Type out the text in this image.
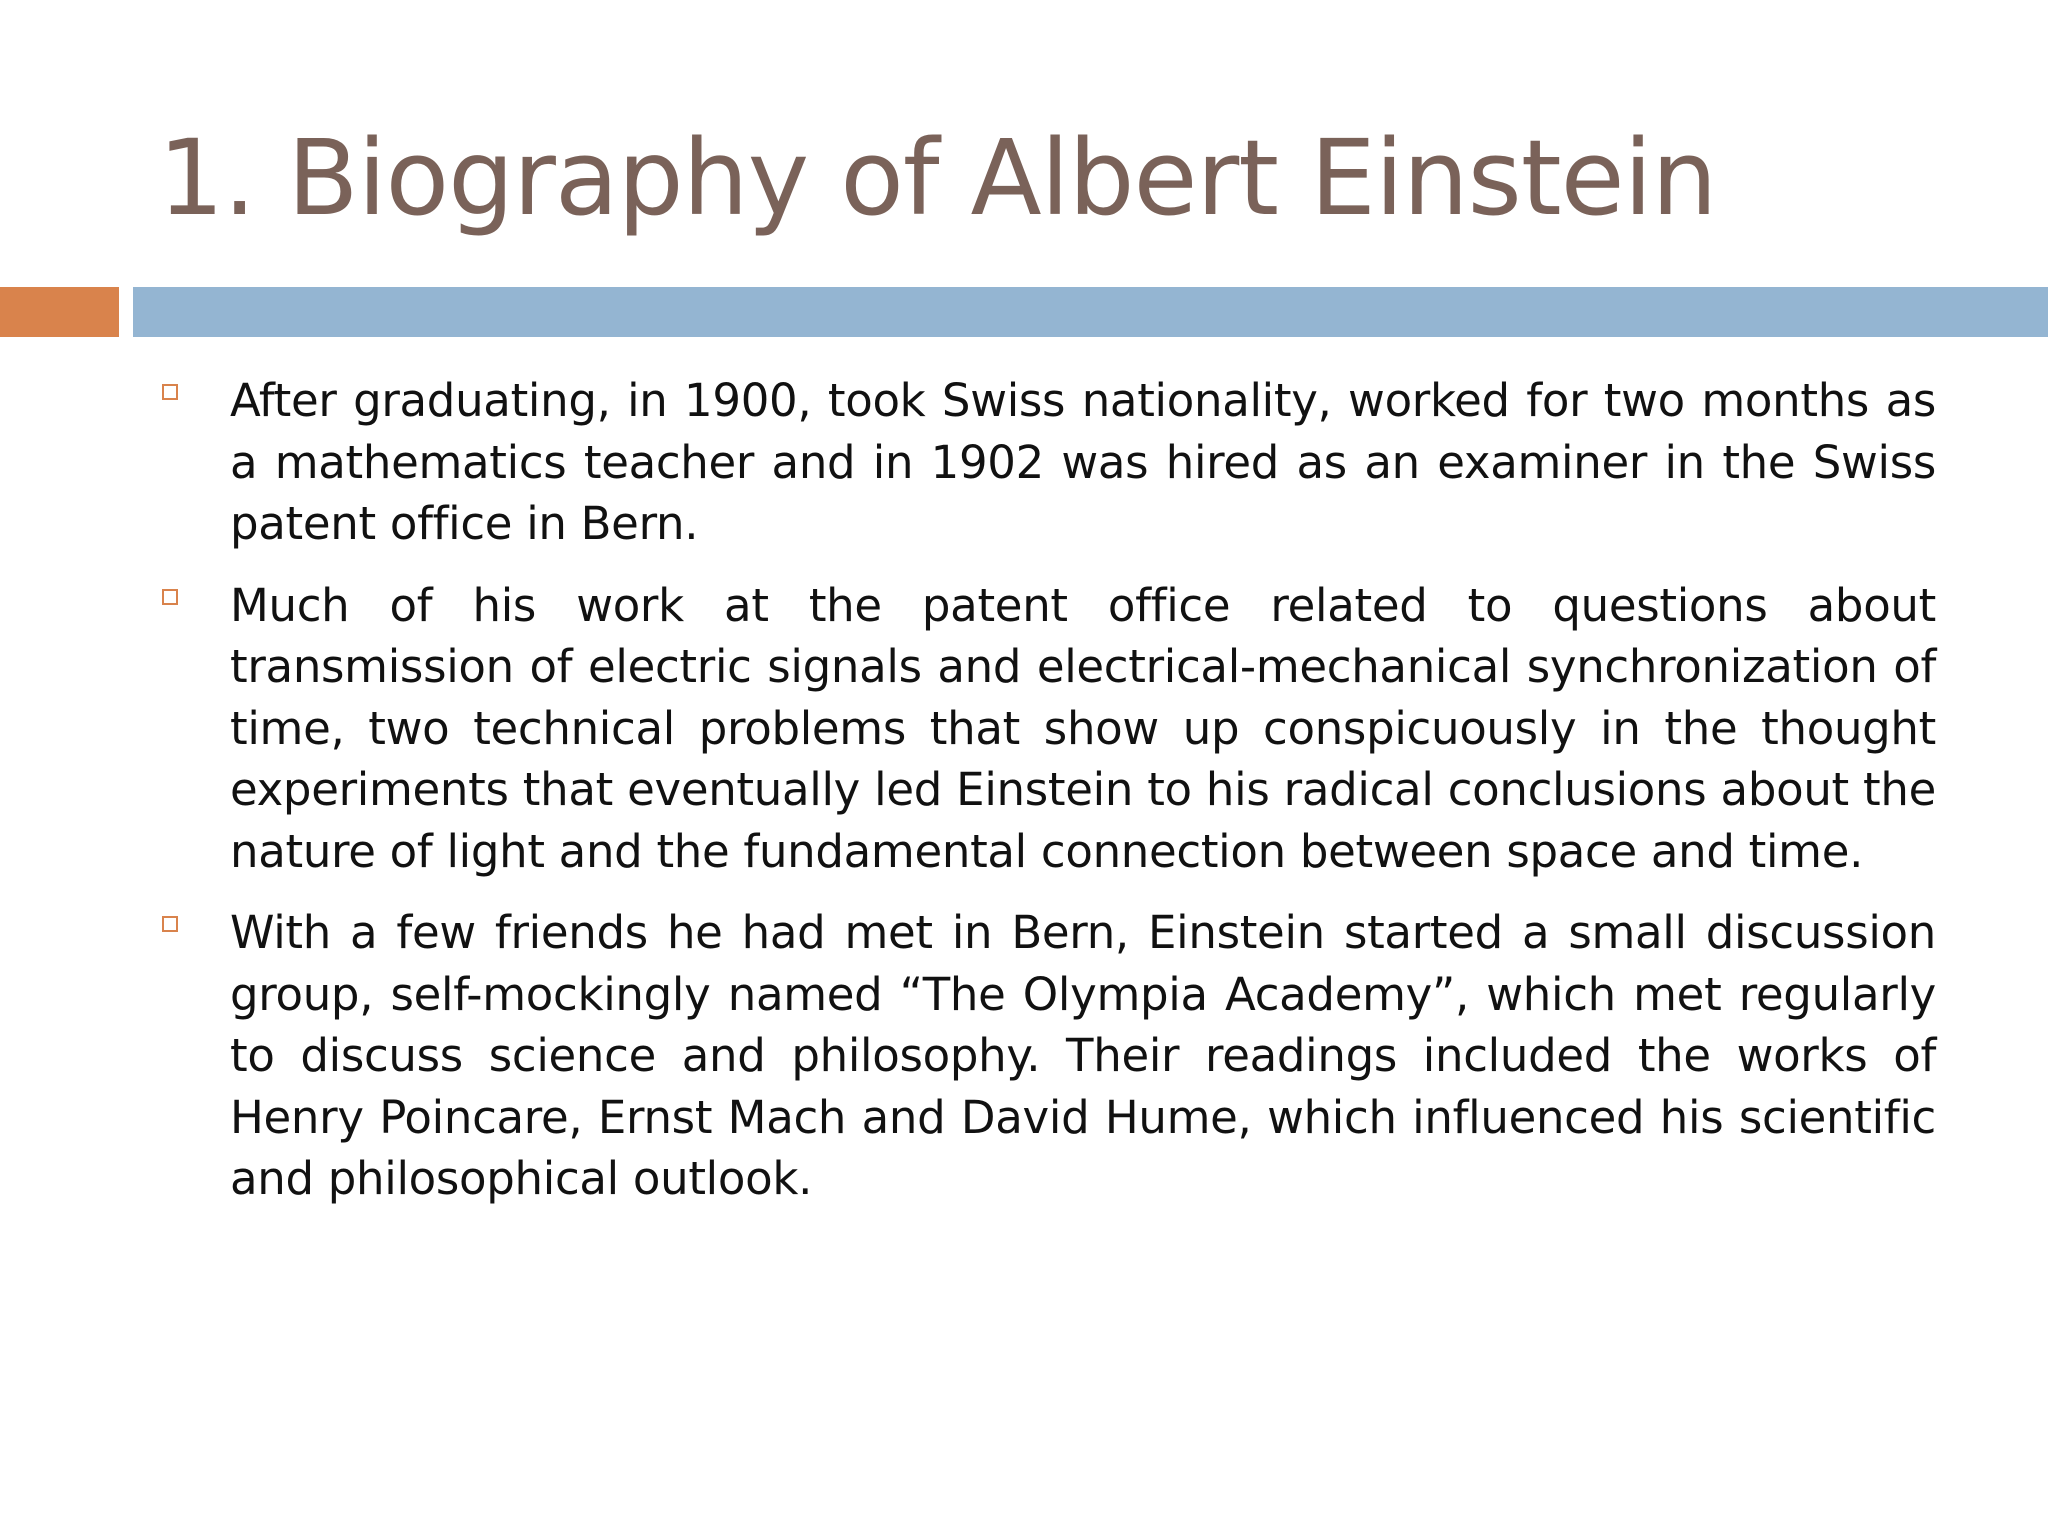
1. Biography of Albert Einstein
After graduating, in 1900, took Swiss nationality, worked for two months as a mathematics teacher and in 1902 was hired as an examiner in the Swiss patent office in Bern.
Much of his work at the patent office related to questions about transmission of electric signals and electrical-mechanical synchronization of time, two technical problems that show up conspicuously in the thought experiments that eventually led Einstein to his radical conclusions about the nature of light and the fundamental connection between space and time.
With a few friends he had met in Bern, Einstein started a small discussion group, self-mockingly named “The Olympia Academy”, which met regularly to discuss science and philosophy. Their readings included the works of Henry Poincare, Ernst Mach and David Hume, which influenced his scientific and philosophical outlook.
